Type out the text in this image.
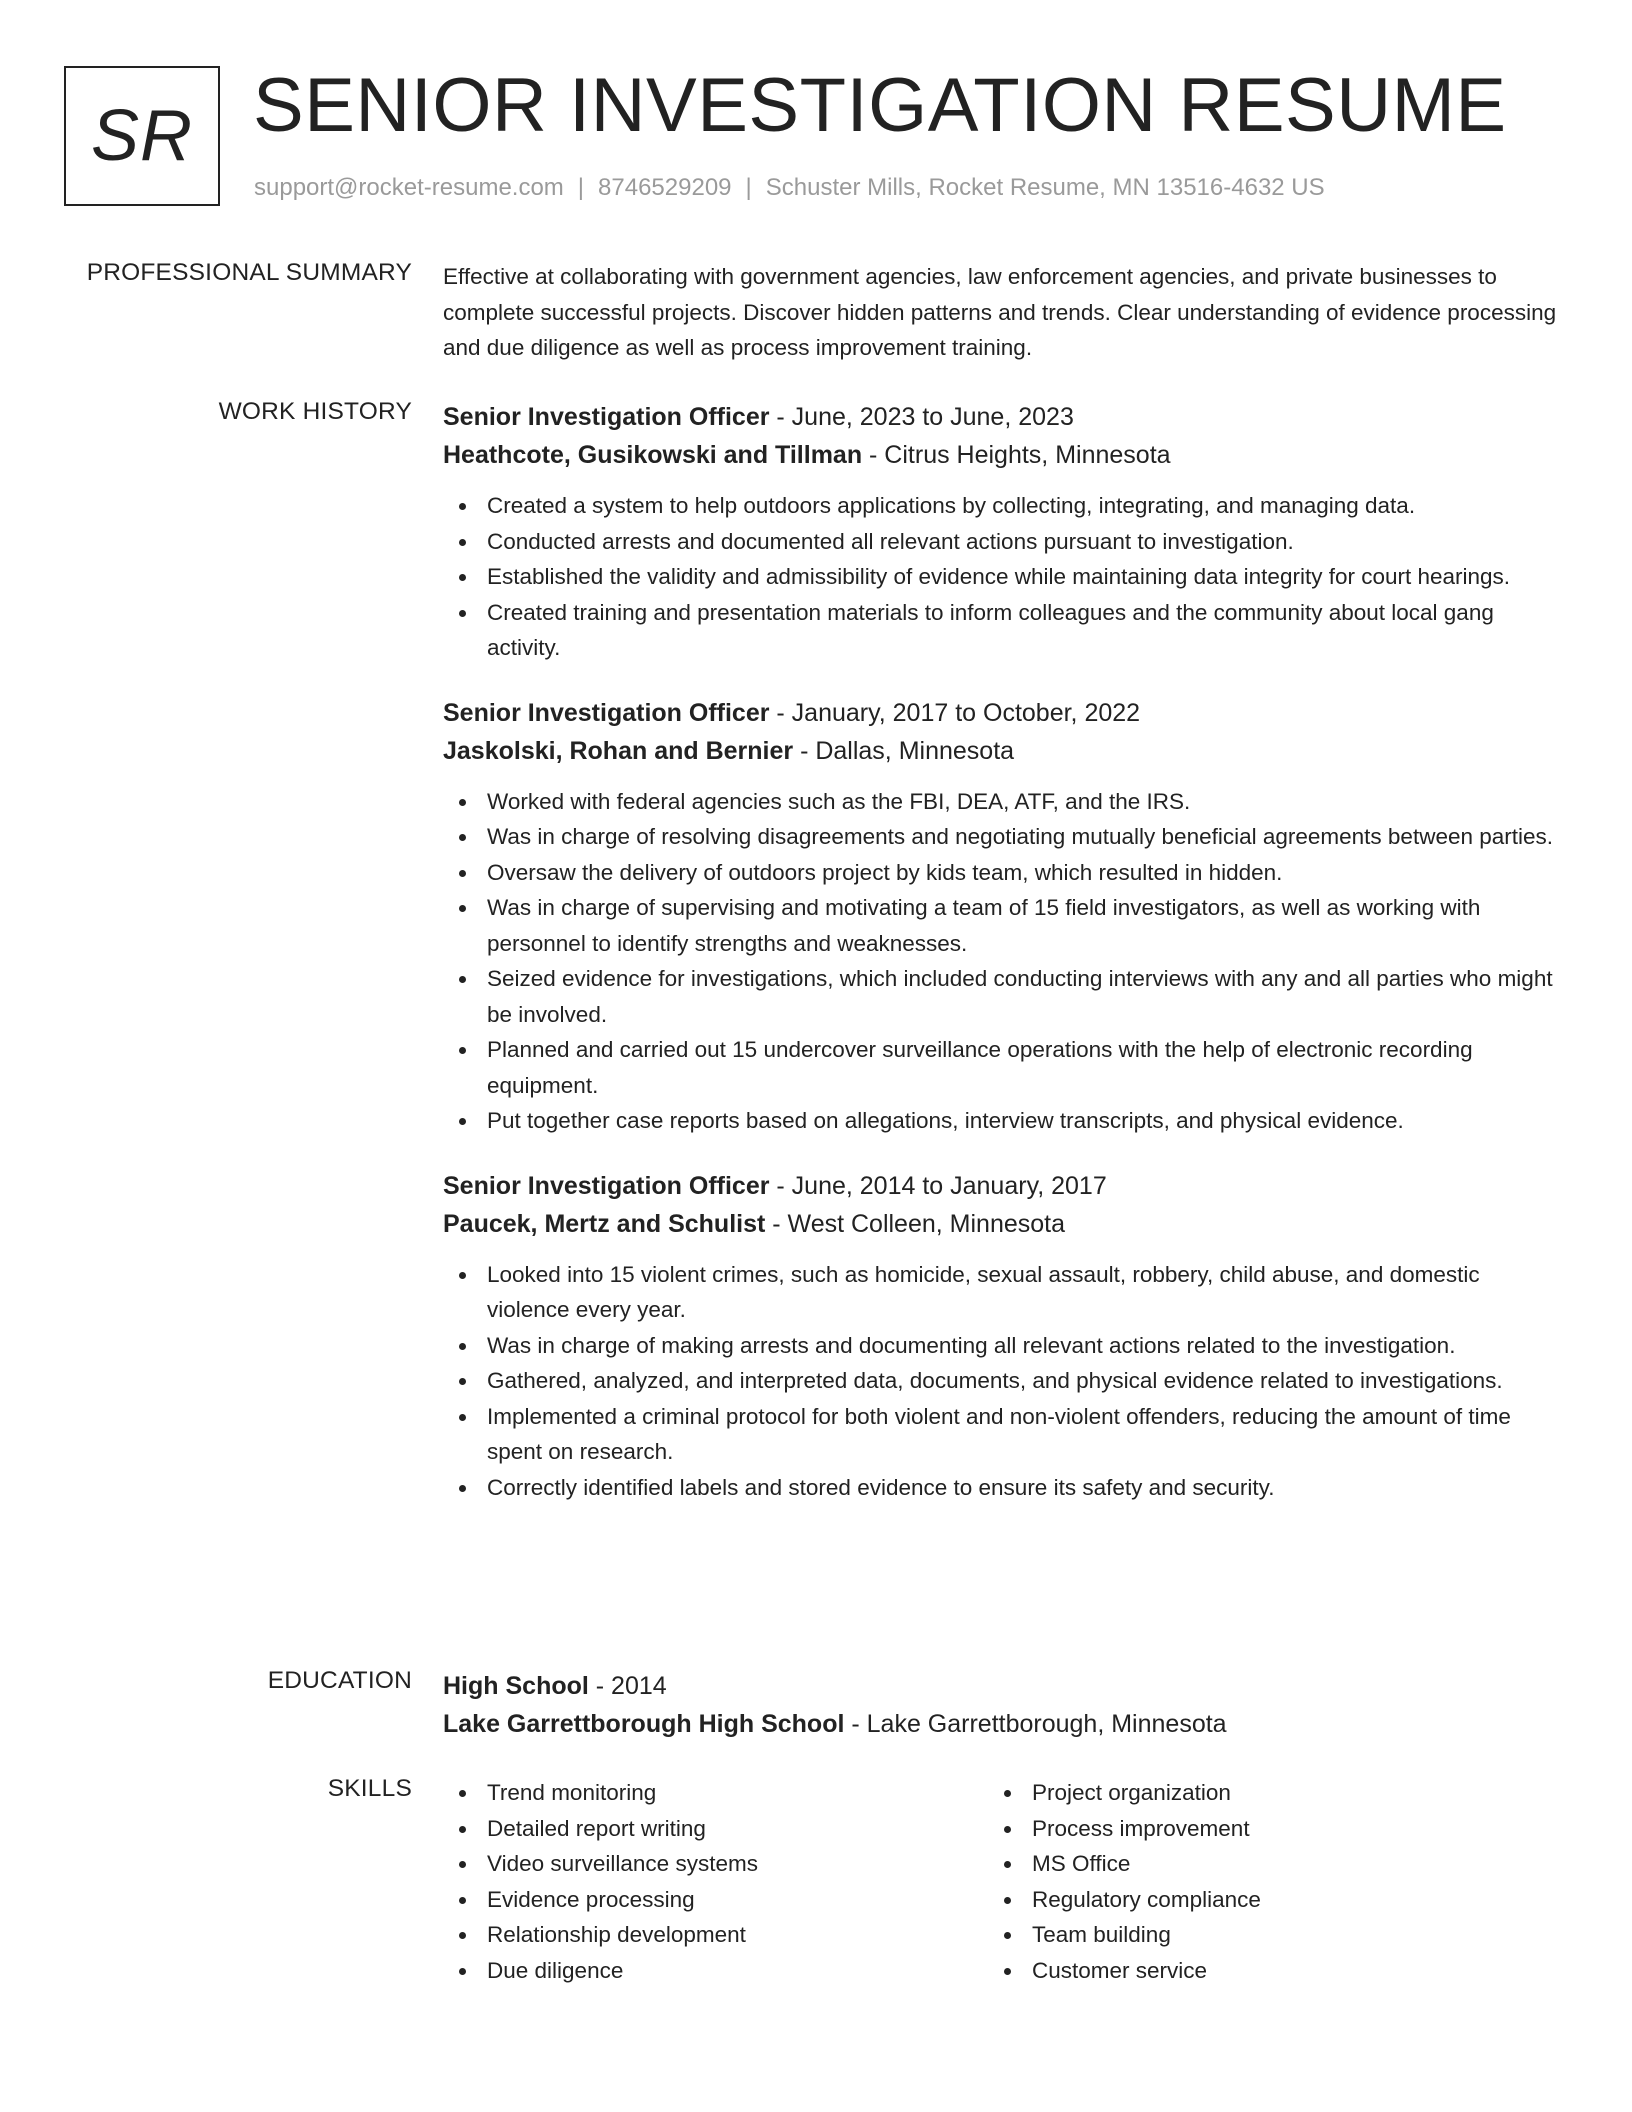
SR SENIOR INVESTIGATION RESUME
support@rocket-resume.com | 8746529209 | Schuster Mills, Rocket Resume, MN 13516-4632 US
PROFESSIONAL SUMMARY Effective at collaborating with government agencies, law enforcement agencies, and private businesses to complete successful projects. Discover hidden patterns and trends. Clear understanding of evidence processing and due diligence as well as process improvement training.

WORK HISTORY Senior Investigation Officer - June, 2023 to June, 2023
Heathcote, Gusikowski and Tillman - Citrus Heights, Minnesota
Created a system to help outdoors applications by collecting, integrating, and managing data.
Conducted arrests and documented all relevant actions pursuant to investigation.
Established the validity and admissibility of evidence while maintaining data integrity for court hearings.
Created training and presentation materials to inform colleagues and the community about local gang activity.
Senior Investigation Officer - January, 2017 to October, 2022
Jaskolski, Rohan and Bernier - Dallas, Minnesota
Worked with federal agencies such as the FBI, DEA, ATF, and the IRS.
Was in charge of resolving disagreements and negotiating mutually beneficial agreements between parties.
Oversaw the delivery of outdoors project by kids team, which resulted in hidden.
Was in charge of supervising and motivating a team of 15 field investigators, as well as working with personnel to identify strengths and weaknesses.
Seized evidence for investigations, which included conducting interviews with any and all parties who might be involved.
Planned and carried out 15 undercover surveillance operations with the help of electronic recording equipment.
Put together case reports based on allegations, interview transcripts, and physical evidence.
Senior Investigation Officer - June, 2014 to January, 2017
Paucek, Mertz and Schulist - West Colleen, Minnesota
Looked into 15 violent crimes, such as homicide, sexual assault, robbery, child abuse, and domestic violence every year.
Was in charge of making arrests and documenting all relevant actions related to the investigation.
Gathered, analyzed, and interpreted data, documents, and physical evidence related to investigations.
Implemented a criminal protocol for both violent and non-violent offenders, reducing the amount of time spent on research.
Correctly identified labels and stored evidence to ensure its safety and security.
EDUCATION High School - 2014
Lake Garrettborough High School - Lake Garrettborough, Minnesota
SKILLS	Trend monitoring
Detailed report writing
Video surveillance systems
Evidence processing
Relationship development
Due diligence
Project organization
Process improvement
MS Office
Regulatory compliance
Team building
Customer service
